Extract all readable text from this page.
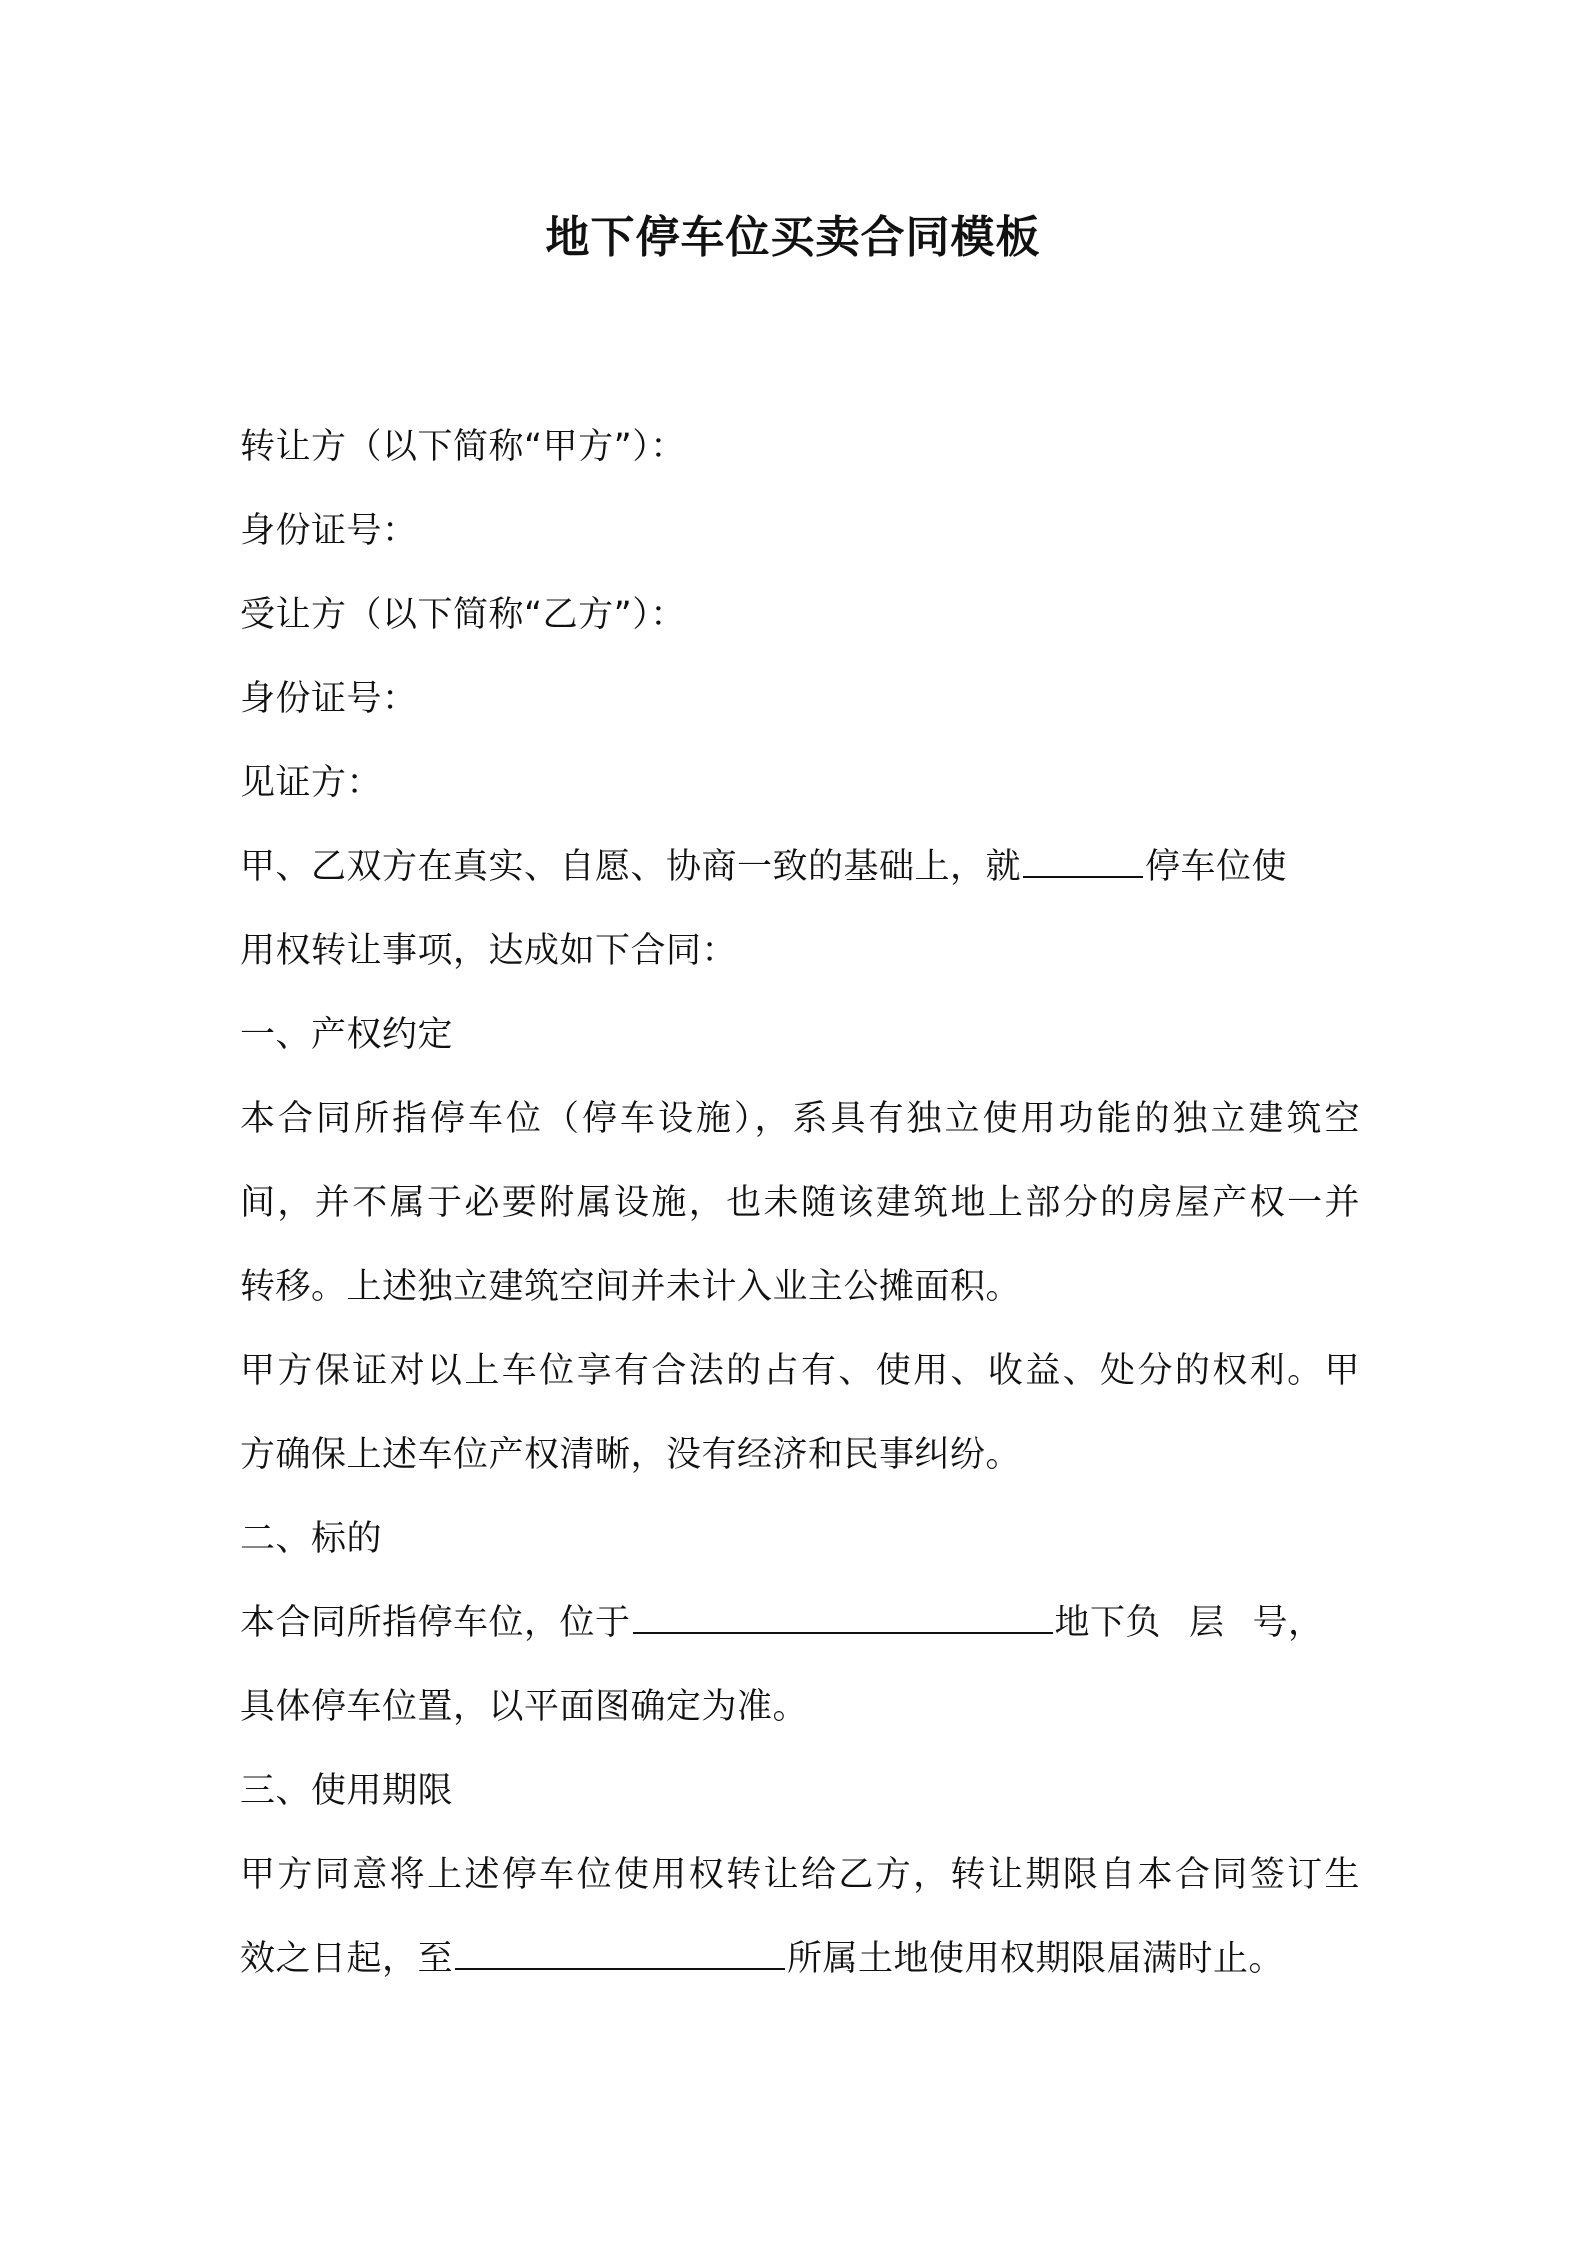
地下停车位买卖合同模板
转让方（以下简称“甲方”）：
身份证号：
受让方（以下简称“乙方”）：
身份证号：
见证方：
甲、乙双方在真实、自愿、协商一致的基础上，就	停车位使
用权转让事项，达成如下合同：
一、产权约定
本合同所指停车位（停车设施），系具有独立使用功能的独立建筑空
间，并不属于必要附属设施，也未随该建筑地上部分的房屋产权一并
转移。上述独立建筑空间并未计入业主公摊面积。
甲方保证对以上车位享有合法的占有、使用、收益、处分的权利。甲
方确保上述车位产权清晰，没有经济和民事纠纷。
二、标的
本合同所指停车位，位于	地下负 层 号，
具体停车位置，以平面图确定为准。
三、使用期限
甲方同意将上述停车位使用权转让给乙方，转让期限自本合同签订生
效之日起，至	所属土地使用权期限届满时止。
